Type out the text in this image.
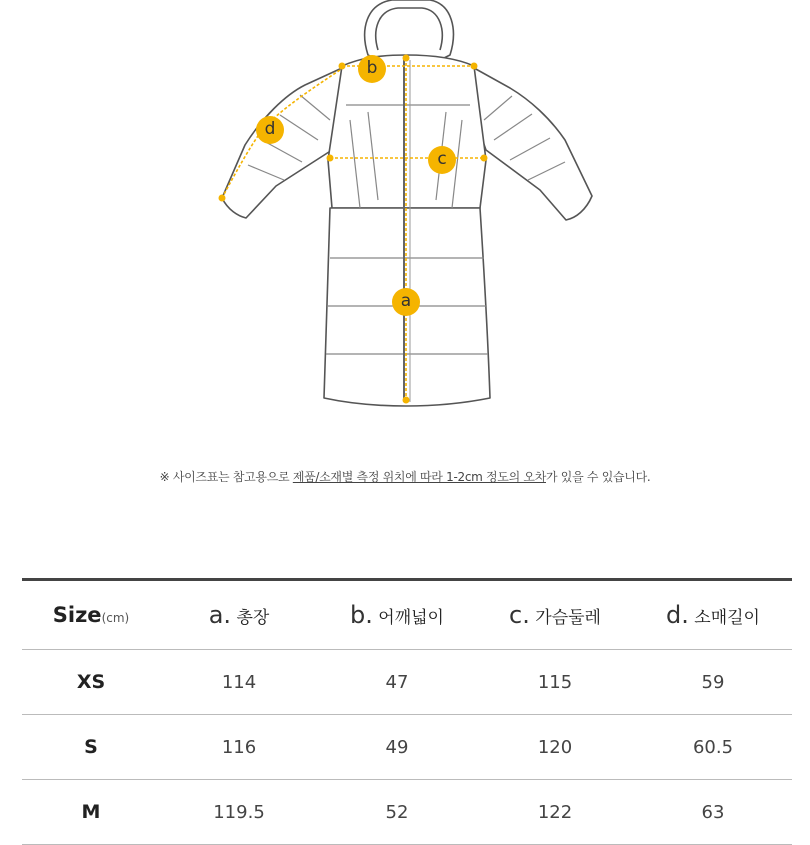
b
d
c
a
※ 사이즈표는 참고용으로 제품/소재별 측정 위치에 따라 1-2cm 정도의 오차가 있을 수 있습니다.
Size(cm)	a. 총장	b. 어깨넓이	c. 가슴둘레	d. 소매길이
XS	114	47	115	59
S	116	49	120	60.5
M	119.5	52	122	63
